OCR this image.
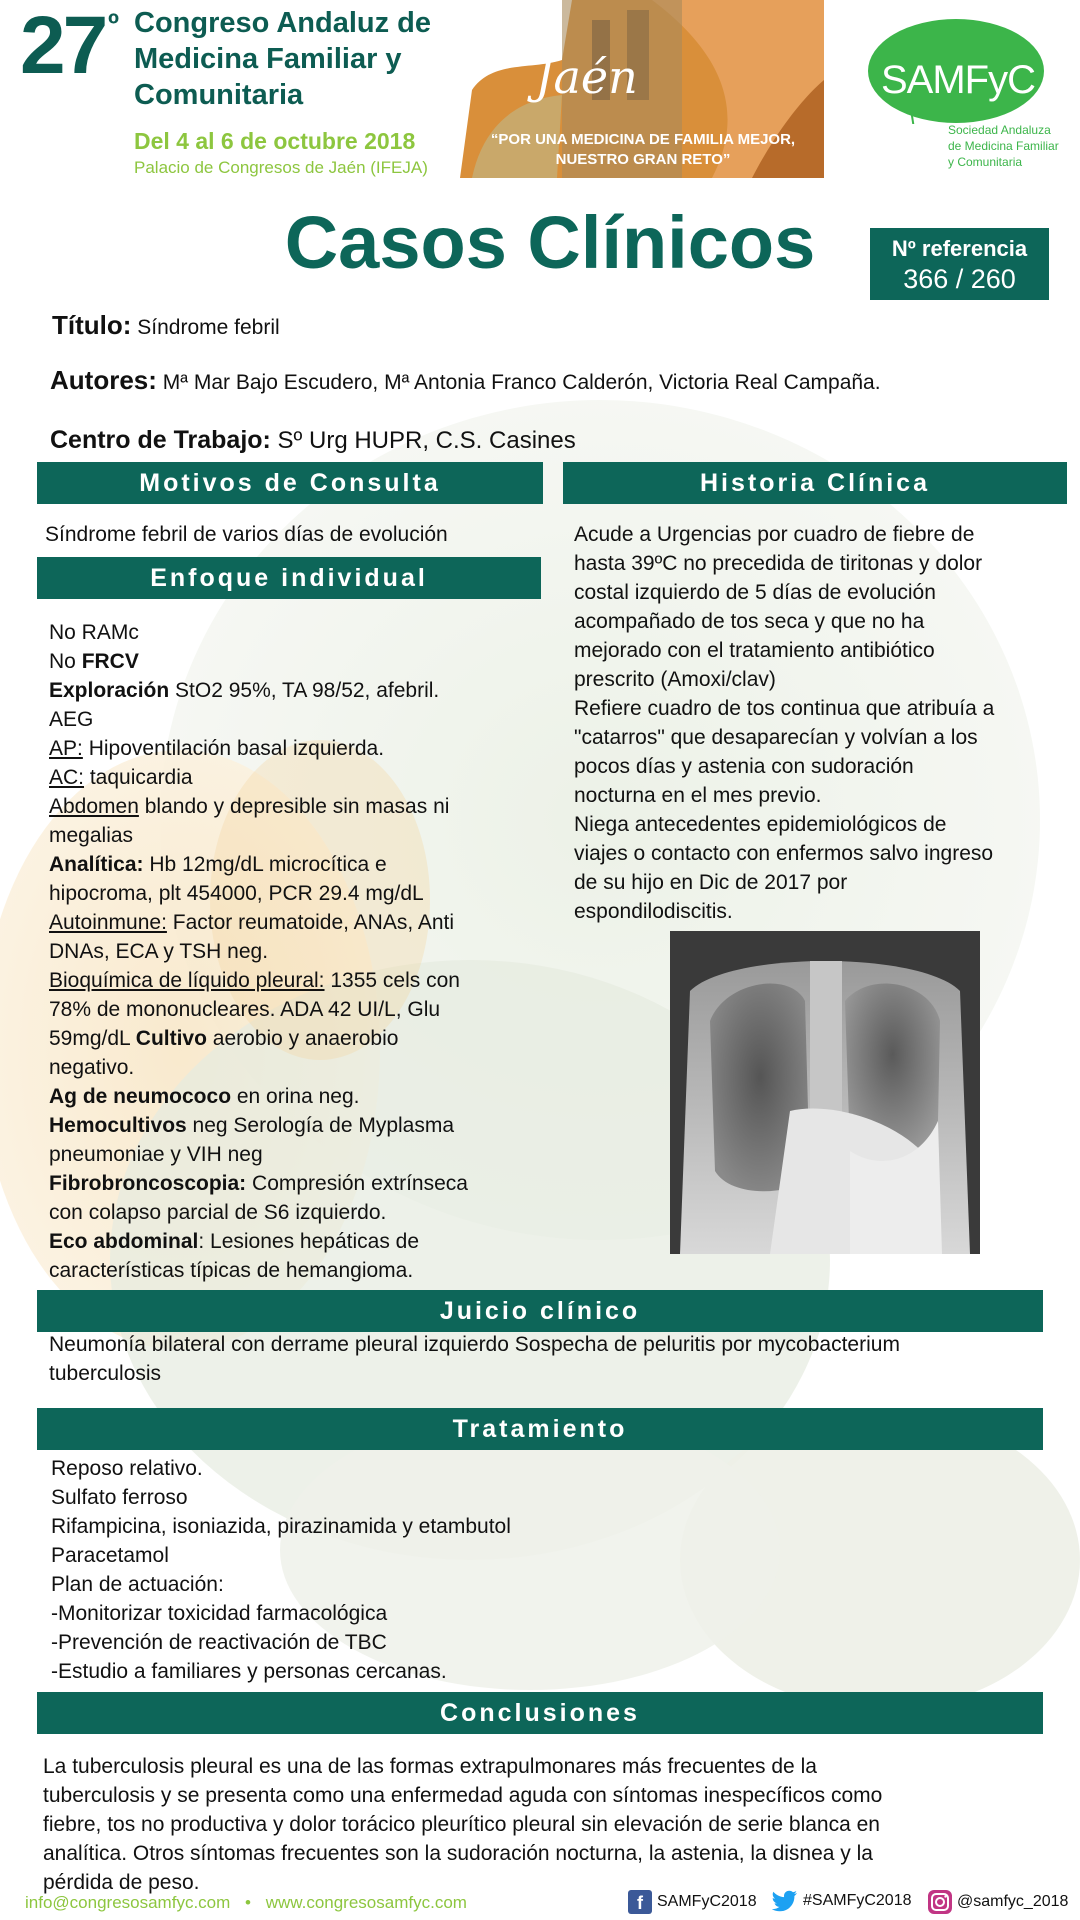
27 º Congreso Andaluz de
Medicina Familiar y
Comunitaria
Del 4 al 6 de octubre 2018
Palacio de Congresos de Jaén (IFEJA)
Jaén
“POR UNA MEDICINA DE FAMILIA MEJOR,
NUESTRO GRAN RETO”
SAMFyC
Sociedad Andaluza
de Medicina Familiar
y Comunitaria
Casos Clínicos	Nº referencia
366 / 260
Título: Síndrome febril
Autores: Mª Mar Bajo Escudero, Mª Antonia Franco Calderón, Victoria Real Campaña.
Centro de Trabajo: Sº Urg HUPR, C.S. Casines
Motivos de Consulta
Síndrome febril de varios días de evolución
Enfoque individual
No RAMc
No FRCV
Exploración StO2 95%, TA 98/52, afebril.
AEG
AP: Hipoventilación basal izquierda.
AC: taquicardia
Abdomen blando y depresible sin masas ni
megalias
Analítica: Hb 12mg/dL microcítica e
hipocroma, plt 454000, PCR 29.4 mg/dL
Autoinmune: Factor reumatoide, ANAs, Anti
DNAs, ECA y TSH neg.
Bioquímica de líquido pleural: 1355 cels con
78% de mononucleares. ADA 42 UI/L, Glu
59mg/dL Cultivo aerobio y anaerobio
negativo.
Ag de neumococo en orina neg.
Hemocultivos neg Serología de Myplasma
pneumoniae y VIH neg
Fibrobroncoscopia: Compresión extrínseca
con colapso parcial de S6 izquierdo.
Eco abdominal: Lesiones hepáticas de
características típicas de hemangioma.
Historia Clínica
Acude a Urgencias por cuadro de fiebre de
hasta 39ºC no precedida de tiritonas y dolor
costal izquierdo de 5 días de evolución
acompañado de tos seca y que no ha
mejorado con el tratamiento antibiótico
prescrito (Amoxi/clav)
Refiere cuadro de tos continua que atribuía a
"catarros" que desaparecían y volvían a los
pocos días y astenia con sudoración
nocturna en el mes previo.
Niega antecedentes epidemiológicos de
viajes o contacto con enfermos salvo ingreso
de su hijo en Dic de 2017 por
espondilodiscitis.
Juicio clínico
Neumonía bilateral con derrame pleural izquierdo Sospecha de peluritis por mycobacterium
tuberculosis
Tratamiento
Reposo relativo.
Sulfato ferroso
Rifampicina, isoniazida, pirazinamida y etambutol
Paracetamol
Plan de actuación:
-Monitorizar toxicidad farmacológica
-Prevención de reactivación de TBC
-Estudio a familiares y personas cercanas.
Conclusiones
La tuberculosis pleural es una de las formas extrapulmonares más frecuentes de la
tuberculosis y se presenta como una enfermedad aguda con síntomas inespecíficos como
fiebre, tos no productiva y dolor torácico pleurítico pleural sin elevación de serie blanca en
analítica. Otros síntomas frecuentes son la sudoración nocturna, la astenia, la disnea y la
pérdida de peso.
info@congresosamfyc.com • www.congresosamfyc.com	f SAMFyC2018	#SAMFyC2018	@samfyc_2018
